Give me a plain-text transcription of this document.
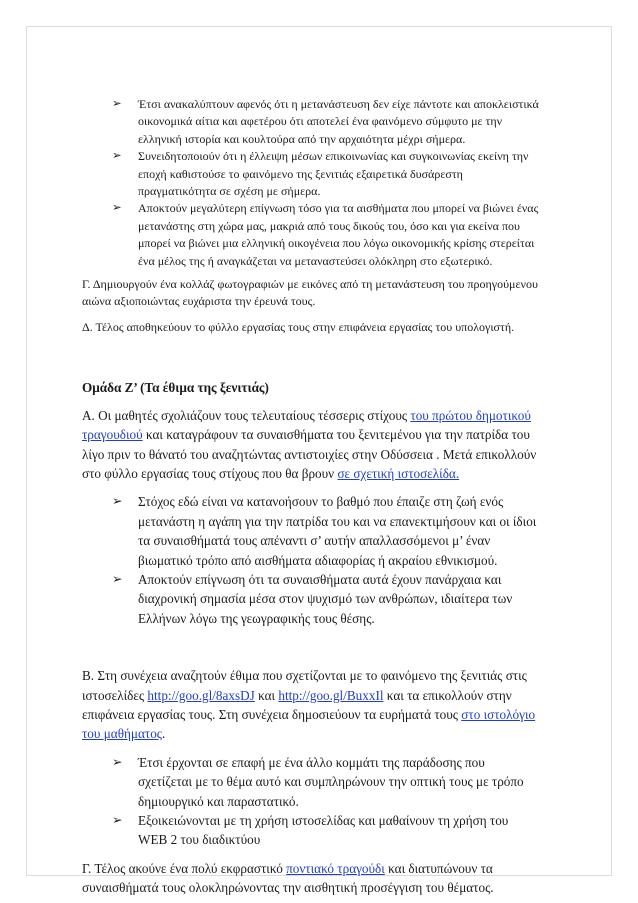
➢ Έτσι ανακαλύπτουν αφενός ότι η μετανάστευση δεν είχε πάντοτε και αποκλειστικά οικονομικά αίτια και αφετέρου ότι αποτελεί ένα φαινόμενο σύμφυτο με την ελληνική ιστορία και κουλτούρα από την αρχαιότητα μέχρι σήμερα.
➢ Συνειδητοποιούν ότι η έλλειψη μέσων επικοινωνίας και συγκοινωνίας εκείνη την εποχή καθιστούσε το φαινόμενο της ξενιτιάς εξαιρετικά δυσάρεστη πραγματικότητα σε σχέση με σήμερα.
➢ Αποκτούν μεγαλύτερη επίγνωση τόσο για τα αισθήματα που μπορεί να βιώνει ένας μετανάστης στη χώρα μας, μακριά από τους δικούς του, όσο και για εκείνα που μπορεί να βιώνει μια ελληνική οικογένεια που λόγω οικονομικής κρίσης στερείται ένα μέλος της ή αναγκάζεται να μεταναστεύσει ολόκληρη στο εξωτερικό.

Γ. Δημιουργούν ένα κολλάζ φωτογραφιών με εικόνες από τη μετανάστευση του προηγούμενου αιώνα αξιοποιώντας ευχάριστα την έρευνά τους.

Δ. Τέλος αποθηκεύουν το φύλλο εργασίας τους στην επιφάνεια εργασίας του υπολογιστή.

Ομάδα Ζ’ (Τα έθιμα της ξενιτιάς)

Α. Οι μαθητές σχολιάζουν τους τελευταίους τέσσερις στίχους του πρώτου δημοτικού τραγουδιού και καταγράφουν τα συναισθήματα του ξενιτεμένου για την πατρίδα του λίγο πριν το θάνατό του αναζητώντας αντιστοιχίες στην Οδύσσεια . Μετά επικολλούν στο φύλλο εργασίας τους στίχους που θα βρουν σε σχετική ιστοσελίδα.

➢ Στόχος εδώ είναι να κατανοήσουν το βαθμό που έπαιζε στη ζωή ενός μετανάστη η αγάπη για την πατρίδα του και να επανεκτιμήσουν και οι ίδιοι τα συναισθήματά τους απέναντι σ’ αυτήν απαλλασσόμενοι μ’ έναν βιωματικό τρόπο από αισθήματα αδιαφορίας ή ακραίου εθνικισμού.
➢ Αποκτούν επίγνωση ότι τα συναισθήματα αυτά έχουν πανάρχαια και διαχρονική σημασία μέσα στον ψυχισμό των ανθρώπων, ιδιαίτερα των Ελλήνων λόγω της γεωγραφικής τους θέσης.

Β. Στη συνέχεια αναζητούν έθιμα που σχετίζονται με το φαινόμενο της ξενιτιάς στις ιστοσελίδες http://goo.gl/8axsDJ και http://goo.gl/BuxxIl και τα επικολλούν στην επιφάνεια εργασίας τους. Στη συνέχεια δημοσιεύουν τα ευρήματά τους στο ιστολόγιο του μαθήματος.

➢ Έτσι έρχονται σε επαφή με ένα άλλο κομμάτι της παράδοσης που σχετίζεται με το θέμα αυτό και συμπληρώνουν την οπτική τους με τρόπο δημιουργικό και παραστατικό.
➢ Εξοικειώνονται με τη χρήση ιστοσελίδας και μαθαίνουν τη χρήση του WEB 2 του διαδικτύου

Γ. Τέλος ακούνε ένα πολύ εκφραστικό ποντιακό τραγούδι και διατυπώνουν τα συναισθήματά τους ολοκληρώνοντας την αισθητική προσέγγιση του θέματος.
